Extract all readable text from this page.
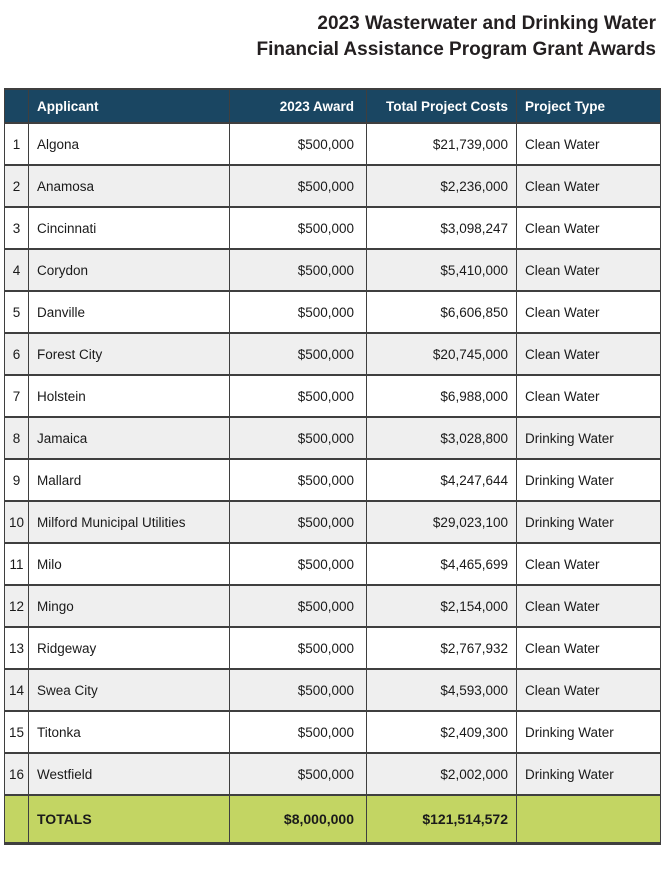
2023 Wasterwater and Drinking Water
Financial Assistance Program Grant Awards
	Applicant	2023 Award	Total Project Costs	Project Type
1	Algona	$500,000	$21,739,000	Clean Water
2	Anamosa	$500,000	$2,236,000	Clean Water
3	Cincinnati	$500,000	$3,098,247	Clean Water
4	Corydon	$500,000	$5,410,000	Clean Water
5	Danville	$500,000	$6,606,850	Clean Water
6	Forest City	$500,000	$20,745,000	Clean Water
7	Holstein	$500,000	$6,988,000	Clean Water
8	Jamaica	$500,000	$3,028,800	Drinking Water
9	Mallard	$500,000	$4,247,644	Drinking Water
10	Milford Municipal Utilities	$500,000	$29,023,100	Drinking Water
11	Milo	$500,000	$4,465,699	Clean Water
12	Mingo	$500,000	$2,154,000	Clean Water
13	Ridgeway	$500,000	$2,767,932	Clean Water
14	Swea City	$500,000	$4,593,000	Clean Water
15	Titonka	$500,000	$2,409,300	Drinking Water
16	Westfield	$500,000	$2,002,000	Drinking Water
	TOTALS	$8,000,000	$121,514,572	
